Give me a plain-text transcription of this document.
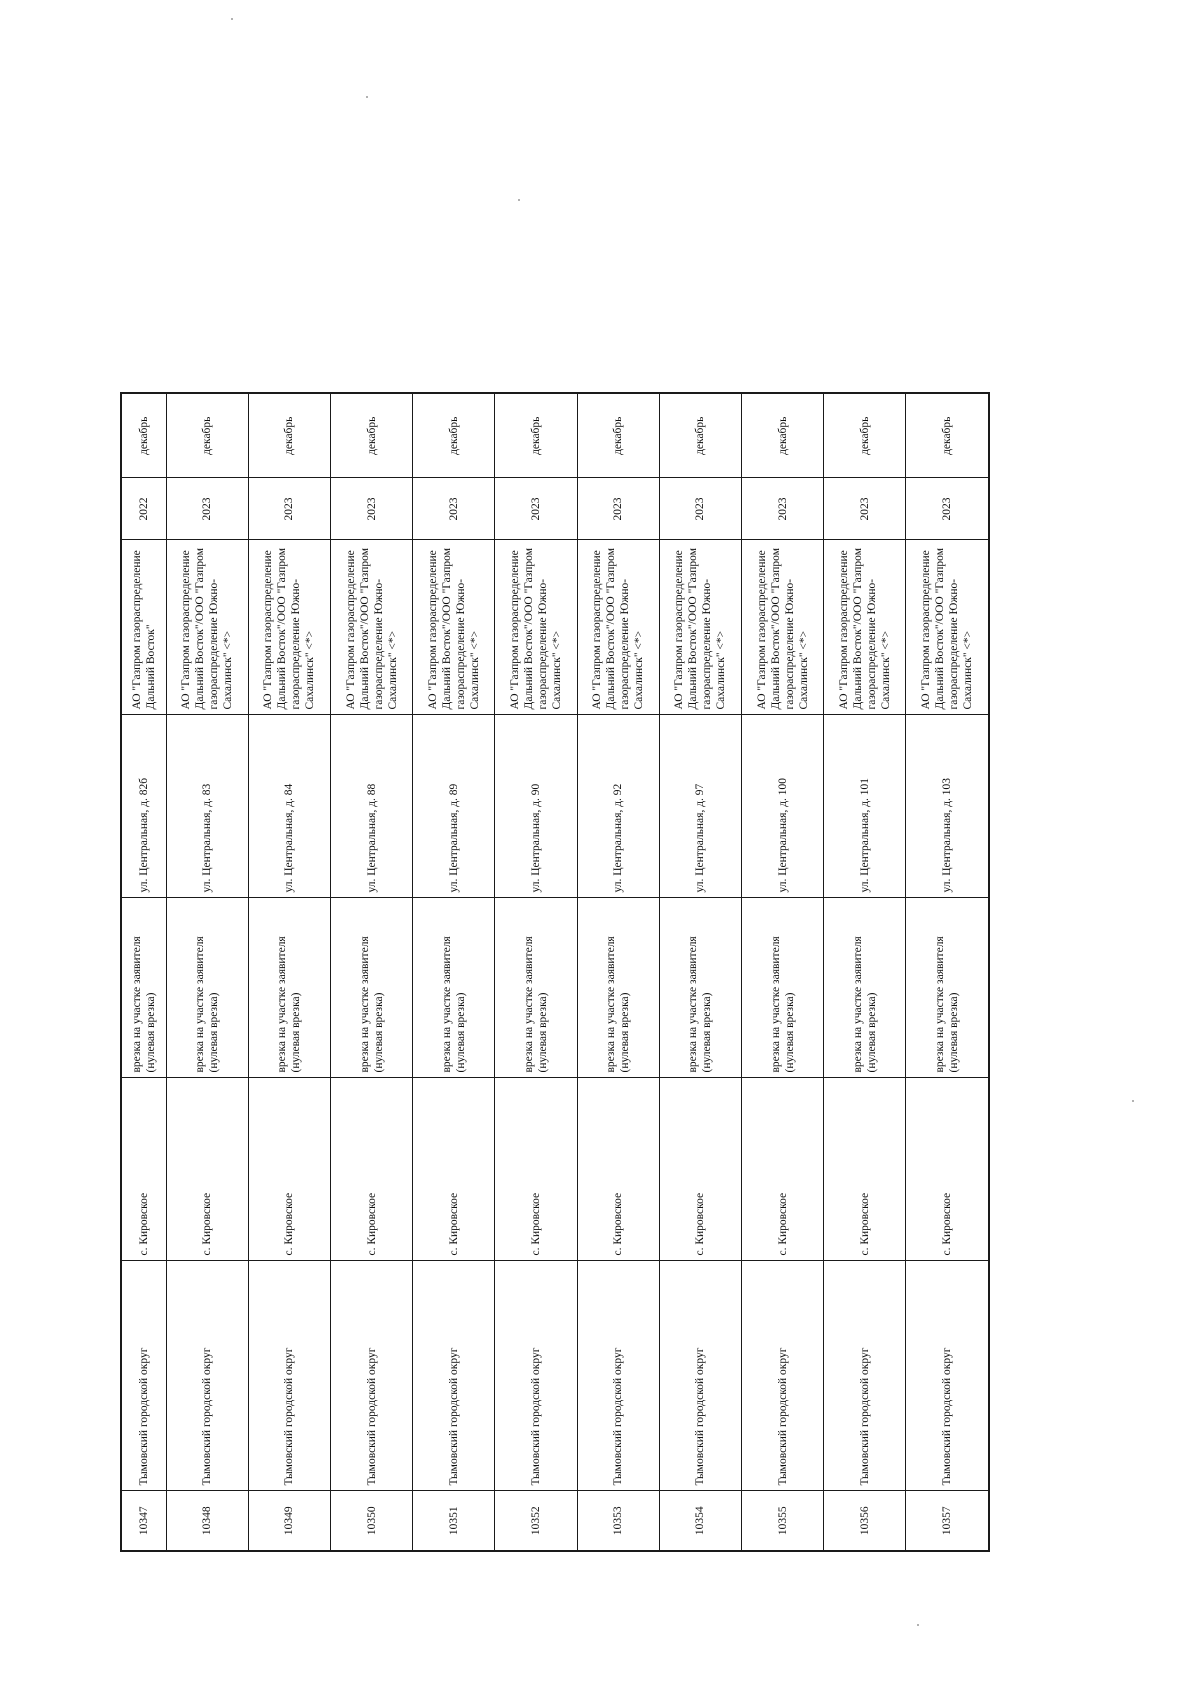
10347	Тымовский городской округ	с. Кировское	врезка на участке заявителя (нулевая врезка)	ул. Центральная, д. 82б	АО "Газпром газораспределение Дальний Восток"	2022	декабрь
10348	Тымовский городской округ	с. Кировское	врезка на участке заявителя (нулевая врезка)	ул. Центральная, д. 83	АО "Газпром газораспределение Дальний Восток"/ООО "Газпром газораспределение Южно-Сахалинск" <*>	2023	декабрь
10349	Тымовский городской округ	с. Кировское	врезка на участке заявителя (нулевая врезка)	ул. Центральная, д. 84	АО "Газпром газораспределение Дальний Восток"/ООО "Газпром газораспределение Южно-Сахалинск" <*>	2023	декабрь
10350	Тымовский городской округ	с. Кировское	врезка на участке заявителя (нулевая врезка)	ул. Центральная, д. 88	АО "Газпром газораспределение Дальний Восток"/ООО "Газпром газораспределение Южно-Сахалинск" <*>	2023	декабрь
10351	Тымовский городской округ	с. Кировское	врезка на участке заявителя (нулевая врезка)	ул. Центральная, д. 89	АО "Газпром газораспределение Дальний Восток"/ООО "Газпром газораспределение Южно-Сахалинск" <*>	2023	декабрь
10352	Тымовский городской округ	с. Кировское	врезка на участке заявителя (нулевая врезка)	ул. Центральная, д. 90	АО "Газпром газораспределение Дальний Восток"/ООО "Газпром газораспределение Южно-Сахалинск" <*>	2023	декабрь
10353	Тымовский городской округ	с. Кировское	врезка на участке заявителя (нулевая врезка)	ул. Центральная, д. 92	АО "Газпром газораспределение Дальний Восток"/ООО "Газпром газораспределение Южно-Сахалинск" <*>	2023	декабрь
10354	Тымовский городской округ	с. Кировское	врезка на участке заявителя (нулевая врезка)	ул. Центральная, д. 97	АО "Газпром газораспределение Дальний Восток"/ООО "Газпром газораспределение Южно-Сахалинск" <*>	2023	декабрь
10355	Тымовский городской округ	с. Кировское	врезка на участке заявителя (нулевая врезка)	ул. Центральная, д. 100	АО "Газпром газораспределение Дальний Восток"/ООО "Газпром газораспределение Южно-Сахалинск" <*>	2023	декабрь
10356	Тымовский городской округ	с. Кировское	врезка на участке заявителя (нулевая врезка)	ул. Центральная, д. 101	АО "Газпром газораспределение Дальний Восток"/ООО "Газпром газораспределение Южно-Сахалинск" <*>	2023	декабрь
10357	Тымовский городской округ	с. Кировское	врезка на участке заявителя (нулевая врезка)	ул. Центральная, д. 103	АО "Газпром газораспределение Дальний Восток"/ООО "Газпром газораспределение Южно-Сахалинск" <*>	2023	декабрь
